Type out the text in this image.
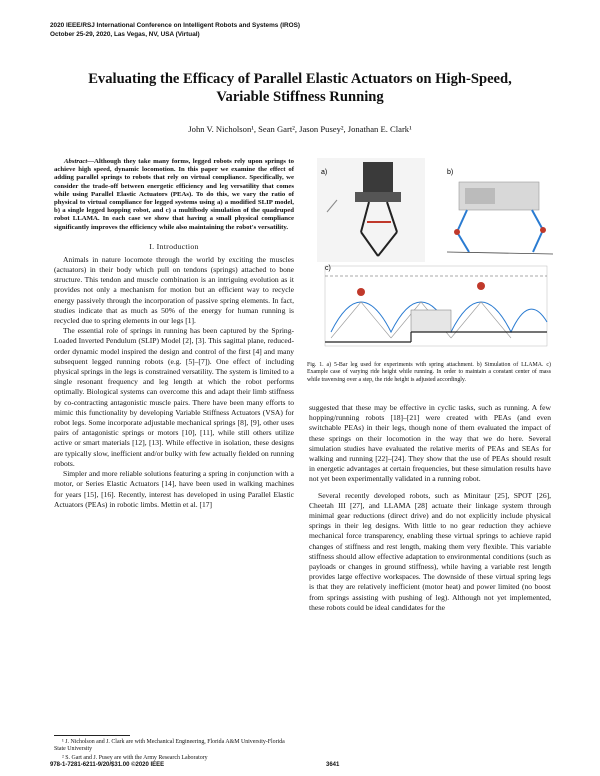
2020 IEEE/RSJ International Conference on Intelligent Robots and Systems (IROS)
October 25-29, 2020, Las Vegas, NV, USA (Virtual)
Evaluating the Efficacy of Parallel Elastic Actuators on High-Speed,
Variable Stiffness Running
John V. Nicholson¹, Sean Gart², Jason Pusey², Jonathan E. Clark¹

Abstract—Although they take many forms, legged robots rely upon springs to achieve high speed, dynamic locomotion. In this paper we examine the effect of adding parallel springs to robots that rely on virtual compliance. Specifically, we consider the trade-off between energetic efficiency and leg versatility that comes while using Parallel Elastic Actuators (PEAs). To do this, we vary the ratio of physical to virtual compliance for legged systems using a) a modified SLIP model, b) a single legged hopping robot, and c) a multibody simulation of the quadruped robot LLAMA. In each case we show that having a small physical compliance significantly improves the efficiency while also maintaining the robot's versatility.

I. Introduction

Animals in nature locomote through the world by exciting the muscles (actuators) in their body which pull on tendons (springs) attached to bone structure. This tendon and muscle combination is an intriguing evolution as it provides not only a mechanism for motion but an efficient way to recycle energy passively through the incorporation of passive spring elements. In fact, studies indicate that as much as 50% of the energy for human running is recycled due to spring elements in our legs [1].

The essential role of springs in running has been captured by the Spring-Loaded Inverted Pendulum (SLIP) Model [2], [3]. This sagittal plane, reduced-order dynamic model inspired the design and control of the first [4] and many subsequent legged running robots (e.g. [5]–[7]). One effect of including physical springs in the legs is constrained versatility. The system is limited to a single resonant frequency and leg length at which the robot performs optimally. Biological systems can overcome this and adapt their limb stiffness by co-contracting antagonistic muscle pairs. There have been many efforts to mimic this functionality by developing Variable Stiffness Actuators (VSA) for robot legs. Some incorporate adjustable mechanical springs [8], [9], other uses pairs of antagonistic springs or motors [10], [11], while still others utilize active or smart materials [12], [13]. While effective in isolation, these designs are typically slow, inefficient and/or bulky with few actually fielded on running robots.

Simpler and more reliable solutions featuring a spring in conjunction with a motor, or Series Elastic Actuators [14], have been used in walking machines for years [15], [16]. Recently, interest has developed in using Parallel Elastic Actuators (PEAs) in robotic limbs. Mettin et al. [17]

¹ J. Nicholson and J. Clark are with Mechanical Engineering, Florida A&M University-Florida State University
² S. Gart and J. Pusey are with the Army Research Laboratory
a)	b)
c)
Fig. 1. a) 5-Bar leg used for experiments with spring attachment. b) Simulation of LLAMA. c) Example case of varying ride height while running. In order to maintain a constant center of mass while traversing over a step, the ride height is adjusted accordingly.

suggested that these may be effective in cyclic tasks, such as running. A few hopping/running robots [18]–[21] were created with PEAs (and even switchable PEAs) in their legs, though none of them evaluated the impact of these springs on their locomotion in the way that we do here. Several simulation studies have evaluated the relative merits of PEAs and SEAs for walking and running [22]–[24]. They show that the use of PEAs should result in energetic advantages at certain frequencies, but these simulation results have not yet been experimentally validated in a running robot.

Several recently developed robots, such as Minitaur [25], SPOT [26], Cheetah III [27], and LLAMA [28] actuate their linkage system through minimal gear reductions (direct drive) and do not explicitly include physical springs in their leg designs. With little to no gear reduction they achieve mechanical force transparency, enabling these virtual springs to achieve rapid changes of stiffness and rest length, making them very flexible. This variable stiffness should allow effective adaptation to environmental conditions (such as payloads or changes in ground stiffness), while having a variable rest length provides large effective workspaces. The downside of these virtual spring legs is that they are relatively inefficient (motor heat) and power limited (no boost from springs assisting with pushing of leg). Although not yet implemented, these robots could be ideal candidates for the

978-1-7281-6211-9/20/$31.00 ©2020 IEEE	3641
